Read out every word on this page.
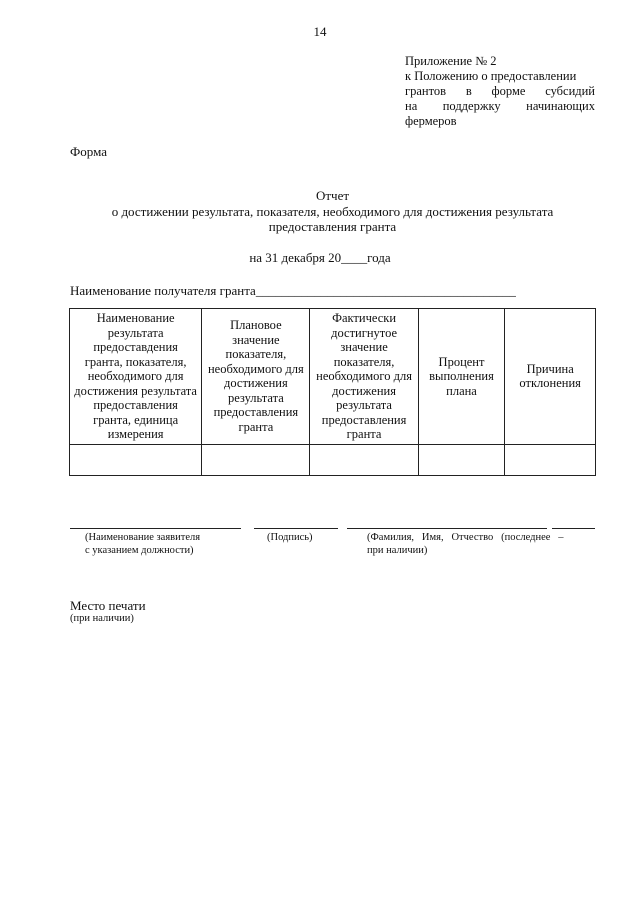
14
Приложение № 2
к Положению о предоставлении
грантов в форме субсидий
на поддержку начинающих
фермеров
Форма
Отчет
о достижении результата, показателя, необходимого для достижения результата
предоставления гранта
на 31 декабря 20____года
Наименование получателя гранта________________________________________
Наименование результата предоставдения гранта, показателя, необходимого для достижения результата предоставления гранта, единица измерения	Плановое значение показателя, необходимого для достижения результата предоставления гранта	Фактически достигнутое значение показателя, необходимого для достижения результата предоставления гранта	Процент выполнения плана	Причина отклонения

(Наименование заявителя
с указанием должности)
(Подпись)	(Фамилия,   Имя,   Отчество   (последнее   –
при наличии)
Место печати
(при наличии)
